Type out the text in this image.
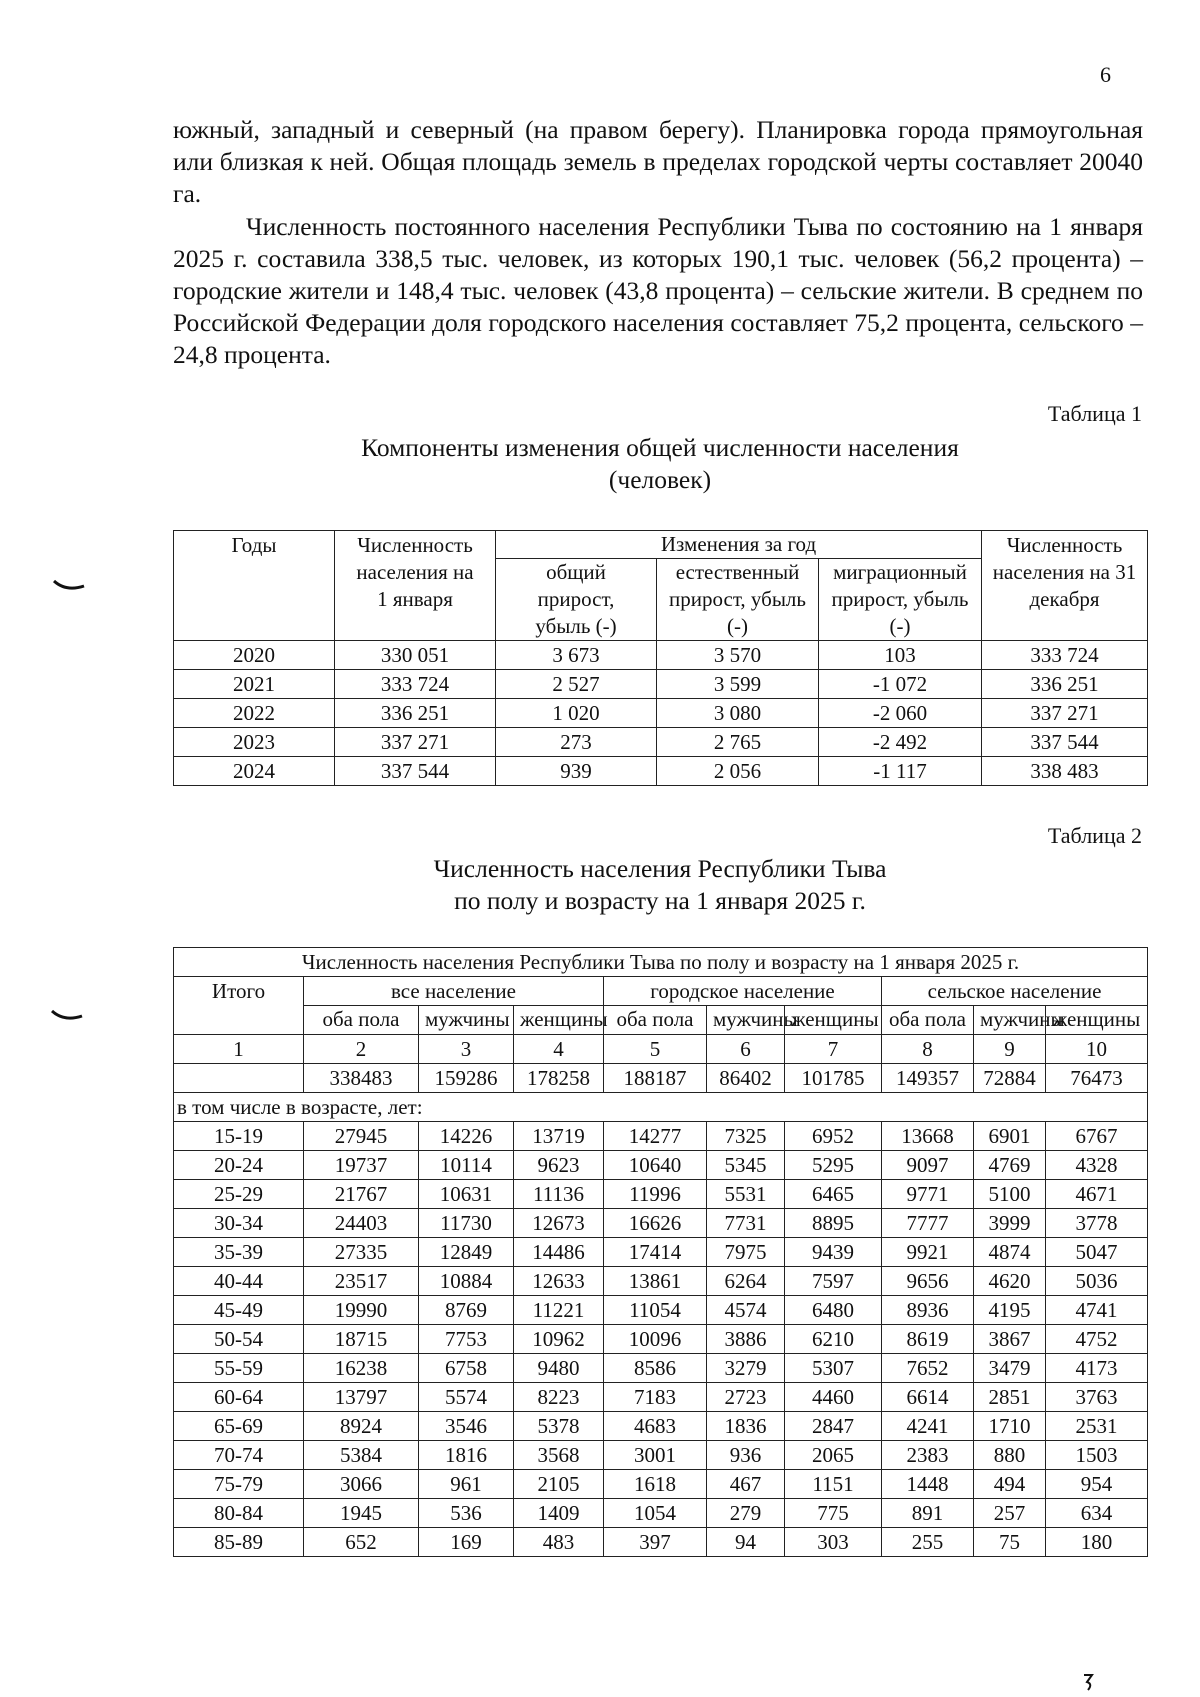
6

южный, западный и северный (на правом берегу). Планировка города прямоугольная или близкая к ней. Общая площадь земель в пределах городской черты составляет 20040 га.

Численность постоянного населения Республики Тыва по состоянию на 1 января 2025 г. составила 338,5 тыс. человек, из которых 190,1 тыс. человек (56,2 процента) – городские жители и 148,4 тыс. человек (43,8 процента) – сельские жители. В среднем по Российской Федерации доля городского населения составляет 75,2 процента, сельского – 24,8 процента.

Таблица 1
Компоненты изменения общей численности населения
(человек)
Годы	Численность населения на 1 января	Изменения за год			Численность населения на 31 декабря
		общий прирост, убыль (-)	естественный прирост, убыль (-)	миграционный прирост, убыль (-)	
2020	330 051	3 673	3 570	103	333 724
2021	333 724	2 527	3 599	-1 072	336 251
2022	336 251	1 020	3 080	-2 060	337 271
2023	337 271	273	2 765	-2 492	337 544
2024	337 544	939	2 056	-1 117	338 483
Таблица 2
Численность населения Республики Тыва
по полу и возрасту на 1 января 2025 г.
Численность населения Республики Тыва по полу и возрасту на 1 января 2025 г.									
Итого	все население			городское население			сельское население		
	оба пола	мужчины	женщины	оба пола	мужчины	женщины	оба пола	мужчины	женщины
1	2	3	4	5	6	7	8	9	10
	338483	159286	178258	188187	86402	101785	149357	72884	76473
в том числе в возрасте, лет:									
15-19	27945	14226	13719	14277	7325	6952	13668	6901	6767
20-24	19737	10114	9623	10640	5345	5295	9097	4769	4328
25-29	21767	10631	11136	11996	5531	6465	9771	5100	4671
30-34	24403	11730	12673	16626	7731	8895	7777	3999	3778
35-39	27335	12849	14486	17414	7975	9439	9921	4874	5047
40-44	23517	10884	12633	13861	6264	7597	9656	4620	5036
45-49	19990	8769	11221	11054	4574	6480	8936	4195	4741
50-54	18715	7753	10962	10096	3886	6210	8619	3867	4752
55-59	16238	6758	9480	8586	3279	5307	7652	3479	4173
60-64	13797	5574	8223	7183	2723	4460	6614	2851	3763
65-69	8924	3546	5378	4683	1836	2847	4241	1710	2531
70-74	5384	1816	3568	3001	936	2065	2383	880	1503
75-79	3066	961	2105	1618	467	1151	1448	494	954
80-84	1945	536	1409	1054	279	775	891	257	634
85-89	652	169	483	397	94	303	255	75	180
